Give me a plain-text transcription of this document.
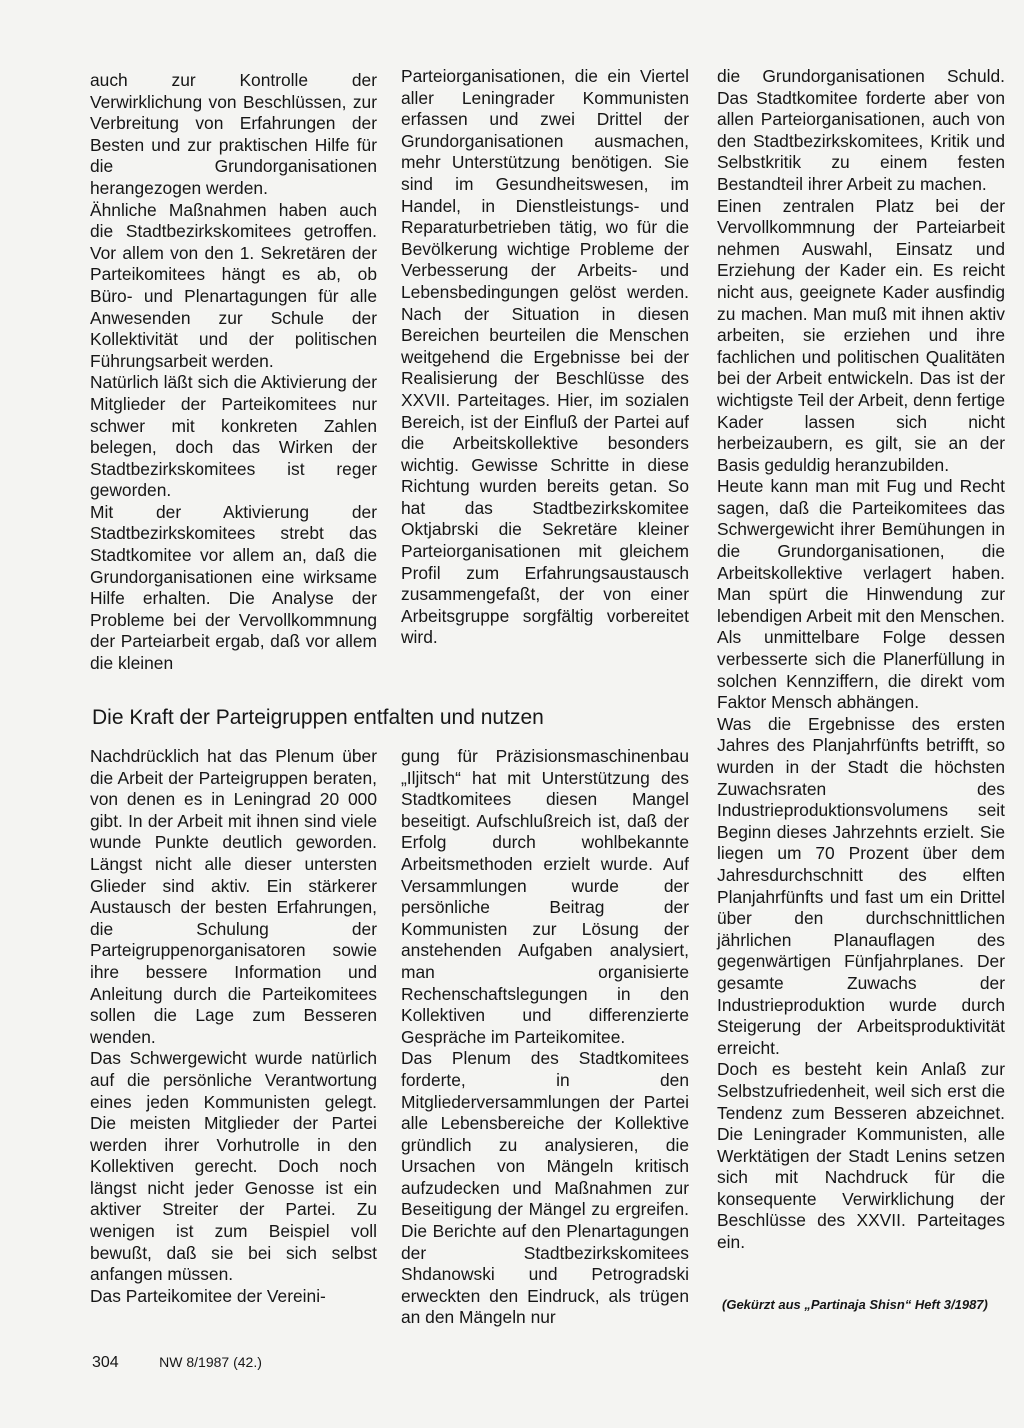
auch zur Kontrolle der Verwirklichung von Beschlüssen, zur Verbreitung von Erfahrungen der Besten und zur praktischen Hilfe für die Grundorganisationen herangezogen werden.

Ähnliche Maßnahmen haben auch die Stadtbezirkskomitees getroffen. Vor allem von den 1. Sekretären der Parteikomitees hängt es ab, ob Büro- und Plenartagungen für alle Anwesenden zur Schule der Kollektivität und der politischen Führungsarbeit werden.

Natürlich läßt sich die Aktivierung der Mitglieder der Parteikomitees nur schwer mit konkreten Zahlen belegen, doch das Wirken der Stadtbezirkskomitees ist reger geworden.

Mit der Aktivierung der Stadtbezirkskomitees strebt das Stadtkomitee vor allem an, daß die Grundorganisationen eine wirksame Hilfe erhalten. Die Analyse der Probleme bei der Vervollkommnung der Parteiarbeit ergab, daß vor allem die kleinen

Parteiorganisationen, die ein Viertel aller Leningrader Kommunisten erfassen und zwei Drittel der Grundorganisationen ausmachen, mehr Unterstützung benötigen. Sie sind im Gesundheitswesen, im Handel, in Dienstleistungs- und Reparaturbetrieben tätig, wo für die Bevölkerung wichtige Probleme der Verbesserung der Arbeits- und Lebensbedingungen gelöst werden. Nach der Situation in diesen Bereichen beurteilen die Menschen weitgehend die Ergebnisse bei der Realisierung der Beschlüsse des XXVII. Parteitages. Hier, im sozialen Bereich, ist der Einfluß der Partei auf die Arbeitskollektive besonders wichtig. Gewisse Schritte in diese Richtung wurden bereits getan. So hat das Stadtbezirkskomitee Oktjabrski die Sekretäre kleiner Parteiorganisationen mit gleichem Profil zum Erfahrungsaustausch zusammengefaßt, der von einer Arbeitsgruppe sorgfältig vorbereitet wird.

die Grundorganisationen Schuld. Das Stadtkomitee forderte aber von allen Parteiorganisationen, auch von den Stadtbezirkskomitees, Kritik und Selbstkritik zu einem festen Bestandteil ihrer Arbeit zu machen.

Einen zentralen Platz bei der Vervollkommnung der Parteiarbeit nehmen Auswahl, Einsatz und Erziehung der Kader ein. Es reicht nicht aus, geeignete Kader ausfindig zu machen. Man muß mit ihnen aktiv arbeiten, sie erziehen und ihre fachlichen und politischen Qualitäten bei der Arbeit entwickeln. Das ist der wichtigste Teil der Arbeit, denn fertige Kader lassen sich nicht herbeizaubern, es gilt, sie an der Basis geduldig heranzubilden.

Heute kann man mit Fug und Recht sagen, daß die Parteikomitees das Schwergewicht ihrer Bemühungen in die Grundorganisationen, die Arbeitskollektive verlagert haben. Man spürt die Hinwendung zur lebendigen Arbeit mit den Menschen. Als unmittelbare Folge dessen verbesserte sich die Planerfüllung in solchen Kennziffern, die direkt vom Faktor Mensch abhängen.

Was die Ergebnisse des ersten Jahres des Planjahrfünfts betrifft, so wurden in der Stadt die höchsten Zuwachsraten des Industrieproduktionsvolumens seit Beginn dieses Jahrzehnts erzielt. Sie liegen um 70 Prozent über dem Jahresdurchschnitt des elften Planjahrfünfts und fast um ein Drittel über den durchschnittlichen jährlichen Planauflagen des gegenwärtigen Fünfjahrplanes. Der gesamte Zuwachs der Industrieproduktion wurde durch Steigerung der Arbeitsproduktivität erreicht.

Doch es besteht kein Anlaß zur Selbstzufriedenheit, weil sich erst die Tendenz zum Besseren abzeichnet. Die Leningrader Kommunisten, alle Werktätigen der Stadt Lenins setzen sich mit Nachdruck für die konsequente Verwirklichung der Beschlüsse des XXVII. Parteitages ein.

Die Kraft der Parteigruppen entfalten und nutzen

Nachdrücklich hat das Plenum über die Arbeit der Parteigruppen beraten, von denen es in Leningrad 20 000 gibt. In der Arbeit mit ihnen sind viele wunde Punkte deutlich geworden. Längst nicht alle dieser untersten Glieder sind aktiv. Ein stärkerer Austausch der besten Erfahrungen, die Schulung der Parteigruppenorganisatoren sowie ihre bessere Information und Anleitung durch die Parteikomitees sollen die Lage zum Besseren wenden.

Das Schwergewicht wurde natürlich auf die persönliche Verantwortung eines jeden Kommunisten gelegt. Die meisten Mitglieder der Partei werden ihrer Vorhutrolle in den Kollektiven gerecht. Doch noch längst nicht jeder Genosse ist ein aktiver Streiter der Partei. Zu wenigen ist zum Beispiel voll bewußt, daß sie bei sich selbst anfangen müssen.

Das Parteikomitee der Vereini-

gung für Präzisionsmaschinenbau „Iljitsch“ hat mit Unterstützung des Stadtkomitees diesen Mangel beseitigt. Aufschlußreich ist, daß der Erfolg durch wohlbekannte Arbeitsmethoden erzielt wurde. Auf Versammlungen wurde der persönliche Beitrag der Kommunisten zur Lösung der anstehenden Aufgaben analysiert, man organisierte Rechenschaftslegungen in den Kollektiven und differenzierte Gespräche im Parteikomitee.

Das Plenum des Stadtkomitees forderte, in den Mitgliederversammlungen der Partei alle Lebensbereiche der Kollektive gründlich zu analysieren, die Ursachen von Mängeln kritisch aufzudecken und Maßnahmen zur Beseitigung der Mängel zu ergreifen. Die Berichte auf den Plenartagungen der Stadtbezirkskomitees Shdanowski und Petrogradski erweckten den Eindruck, als trügen an den Mängeln nur

(Gekürzt aus „Partinaja Shisn“ Heft 3/1987)
304	NW 8/1987 (42.)
